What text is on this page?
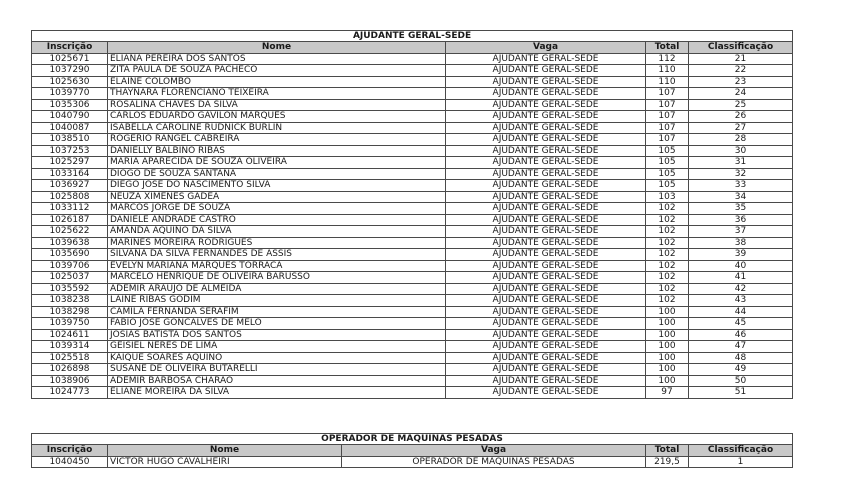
AJUDANTE GERAL-SEDE				
Inscrição	Nome	Vaga	Total	Classificação
1025671	ELIANA PEREIRA DOS SANTOS	AJUDANTE GERAL-SEDE	112	21
1037290	ZITA PAULA DE SOUZA PACHECO	AJUDANTE GERAL-SEDE	110	22
1025630	ELAINE COLOMBO	AJUDANTE GERAL-SEDE	110	23
1039770	THAYNARA FLORENCIANO TEIXEIRA	AJUDANTE GERAL-SEDE	107	24
1035306	ROSALINA CHAVES DA SILVA	AJUDANTE GERAL-SEDE	107	25
1040790	CARLOS EDUARDO GAVILON MARQUES	AJUDANTE GERAL-SEDE	107	26
1040087	ISABELLA CAROLINE RUDNICK BURLIN	AJUDANTE GERAL-SEDE	107	27
1038510	ROGERIO RANGEL CABREIRA	AJUDANTE GERAL-SEDE	107	28
1037253	DANIELLY BALBINO RIBAS	AJUDANTE GERAL-SEDE	105	30
1025297	MARIA APARECIDA DE SOUZA OLIVEIRA	AJUDANTE GERAL-SEDE	105	31
1033164	DIOGO DE SOUZA SANTANA	AJUDANTE GERAL-SEDE	105	32
1036927	DIEGO JOSE DO NASCIMENTO SILVA	AJUDANTE GERAL-SEDE	105	33
1025808	NEUZA XIMENES GADEA	AJUDANTE GERAL-SEDE	103	34
1033112	MARCOS JORGE DE SOUZA	AJUDANTE GERAL-SEDE	102	35
1026187	DANIELE ANDRADE CASTRO	AJUDANTE GERAL-SEDE	102	36
1025622	AMANDA AQUINO DA SILVA	AJUDANTE GERAL-SEDE	102	37
1039638	MARINÊS MOREIRA RODRIGUES	AJUDANTE GERAL-SEDE	102	38
1035690	SILVANA DA SILVA FERNANDES DE ASSIS	AJUDANTE GERAL-SEDE	102	39
1039706	EVELYN MARIANA MARQUES TORRACA	AJUDANTE GERAL-SEDE	102	40
1025037	MARCELO HENRIQUE DE OLIVEIRA BARUSSO	AJUDANTE GERAL-SEDE	102	41
1035592	ADEMIR ARAÚJO DE ALMEIDA	AJUDANTE GERAL-SEDE	102	42
1038238	LAINE RIBAS GODIM	AJUDANTE GERAL-SEDE	102	43
1038298	CAMILA FERNANDA SERAFIM	AJUDANTE GERAL-SEDE	100	44
1039750	FABIO JOSE GONCALVES DE MELO	AJUDANTE GERAL-SEDE	100	45
1024611	JOSIAS BATISTA DOS SANTOS	AJUDANTE GERAL-SEDE	100	46
1039314	GEISIEL NERES DE LIMA	AJUDANTE GERAL-SEDE	100	47
1025518	KAIQUE SOARES AQUINO	AJUDANTE GERAL-SEDE	100	48
1026898	SUSANE DE OLIVEIRA BUTARELLI	AJUDANTE GERAL-SEDE	100	49
1038906	ADEMIR BARBOSA CHARÃO	AJUDANTE GERAL-SEDE	100	50
1024773	ELIANE MOREIRA DA SILVA	AJUDANTE GERAL-SEDE	97	51
OPERADOR DE MÁQUINAS PESADAS				
Inscrição	Nome	Vaga	Total	Classificação
1040450	VICTOR HUGO CAVALHEIRI	OPERADOR DE MÁQUINAS PESADAS	219,5	1
